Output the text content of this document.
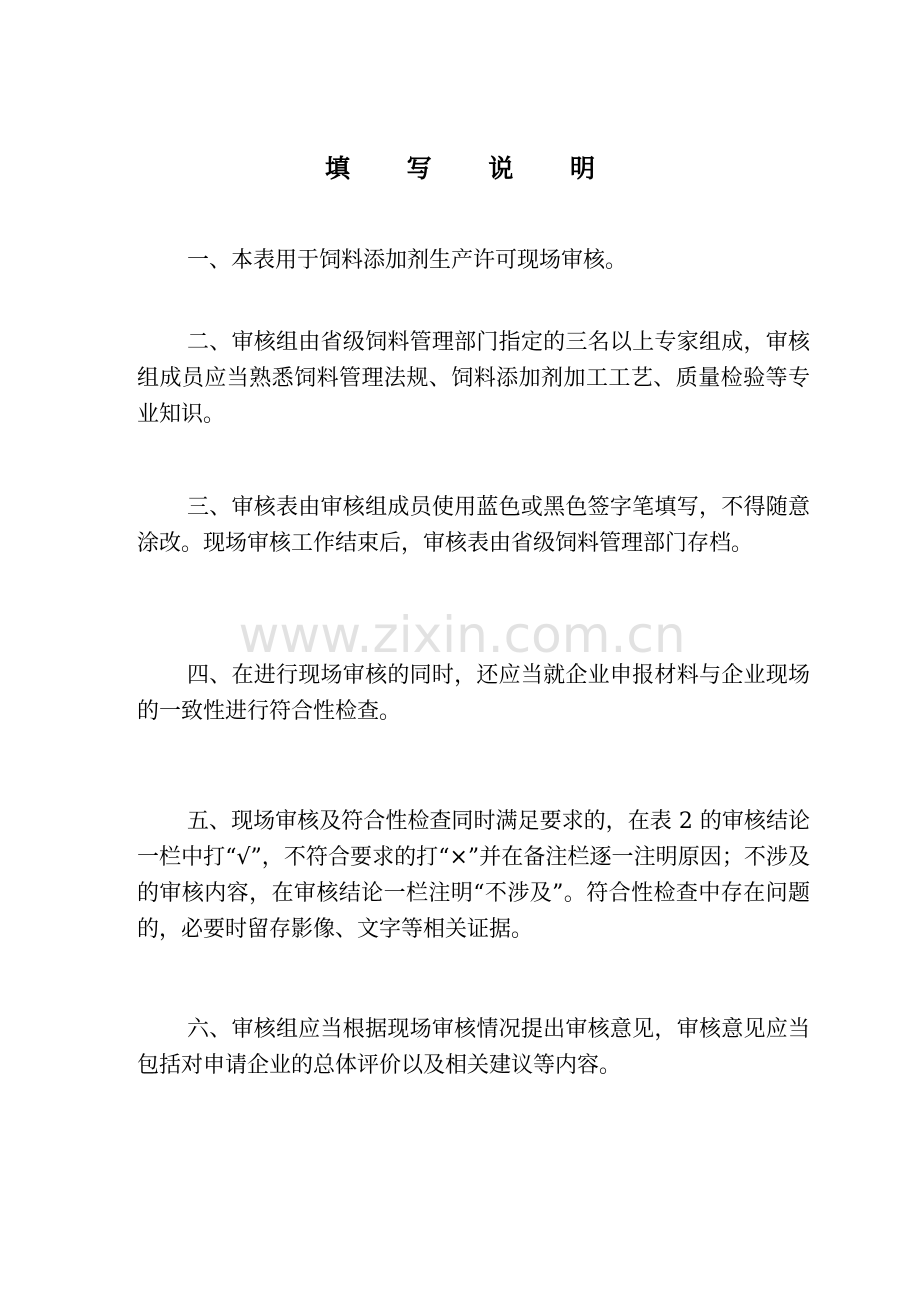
填 写 说 明

一、本表用于饲料添加剂生产许可现场审核。

二、审核组由省级饲料管理部门指定的三名以上专家组成，审核组成员应当熟悉饲料管理法规、饲料添加剂加工工艺、质量检验等专业知识。

三、审核表由审核组成员使用蓝色或黑色签字笔填写，不得随意涂改。现场审核工作结束后，审核表由省级饲料管理部门存档。

www.zixin.com.cn

四、在进行现场审核的同时，还应当就企业申报材料与企业现场的一致性进行符合性检查。

五、现场审核及符合性检查同时满足要求的，在表 2 的审核结论一栏中打“√”，不符合要求的打“×”并在备注栏逐一注明原因；不涉及的审核内容，在审核结论一栏注明“不涉及”。符合性检查中存在问题的，必要时留存影像、文字等相关证据。

六、审核组应当根据现场审核情况提出审核意见，审核意见应当包括对申请企业的总体评价以及相关建议等内容。
